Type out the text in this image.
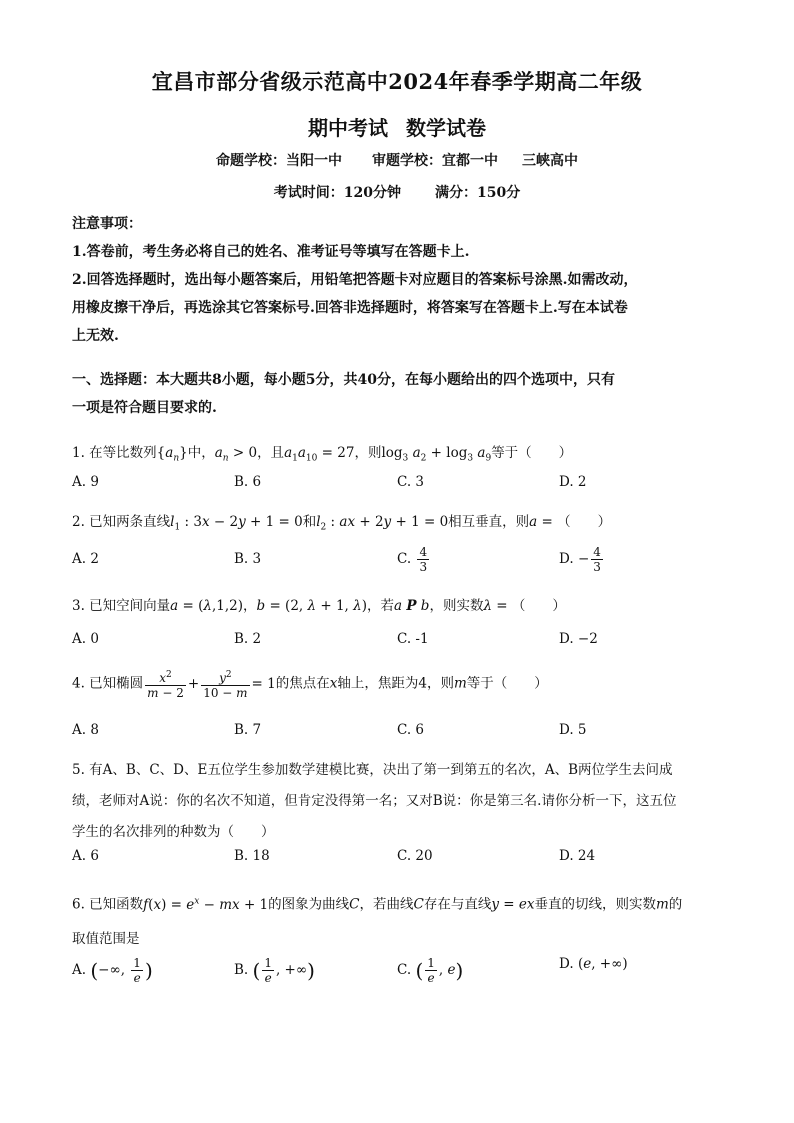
宜昌市部分省级示范高中2024年春季学期高二年级
期中考试 数学试卷
命题学校：当阳一中 审题学校：宜都一中 三峡高中
考试时间：120分钟 满分：150分
注意事项：
1.答卷前，考生务必将自己的姓名、准考证号等填写在答题卡上.
2.回答选择题时，选出每小题答案后，用铅笔把答题卡对应题目的答案标号涂黑.如需改动，
用橡皮擦干净后，再选涂其它答案标号.回答非选择题时，将答案写在答题卡上.写在本试卷
上无效.
一、选择题：本大题共8小题，每小题5分，共40分，在每小题给出的四个选项中，只有
一项是符合题目要求的.
1. 在等比数列$\{a_n\}$中，$a_n > 0$，且$a_1a_{10} = 27$，则$\log_3 a_2 + \log_3 a_9$等于（　　）
A. 9	B. 6	C. 3	D. 2
2. 已知两条直线$l_1$ : 3x − 2y + 1 = 0和$l_2$ : ax + 2y + 1 = 0相互垂直，则a = （　　）
A. 2	B. 3	C. $\frac{4}{3}$	D. − $\frac{4}{3}$
3. 已知空间向量a = (λ,1,2)，b = (2, λ + 1, λ)，若a P b，则实数λ = （　　）
A. 0	B. 2	C. -1	D. −2
4. 已知椭圆 $\frac{x^2}{m - 2} + \frac{y^2}{10 - m} = 1$的焦点在x轴上，焦距为4，则m等于（　　）
A. 8	B. 7	C. 6	D. 5
5. 有A、B、C、D、E五位学生参加数学建模比赛，决出了第一到第五的名次，A、B两位学生去问成
绩，老师对A说：你的名次不知道，但肯定没得第一名；又对B说：你是第三名.请你分析一下，这五位
学生的名次排列的种数为（　　）
A. 6	B. 18	C. 20	D. 24
6. 已知函数$f(x) = e^x$ − mx + 1的图象为曲线C，若曲线C存在与直线y = ex垂直的切线，则实数m的
取值范围是
A. (−∞, $\frac{1}{e}$ )	B. ( $\frac{1}{e}$ , +∞)	C. ( $\frac{1}{e}$ , e)	D. (e, +∞)
